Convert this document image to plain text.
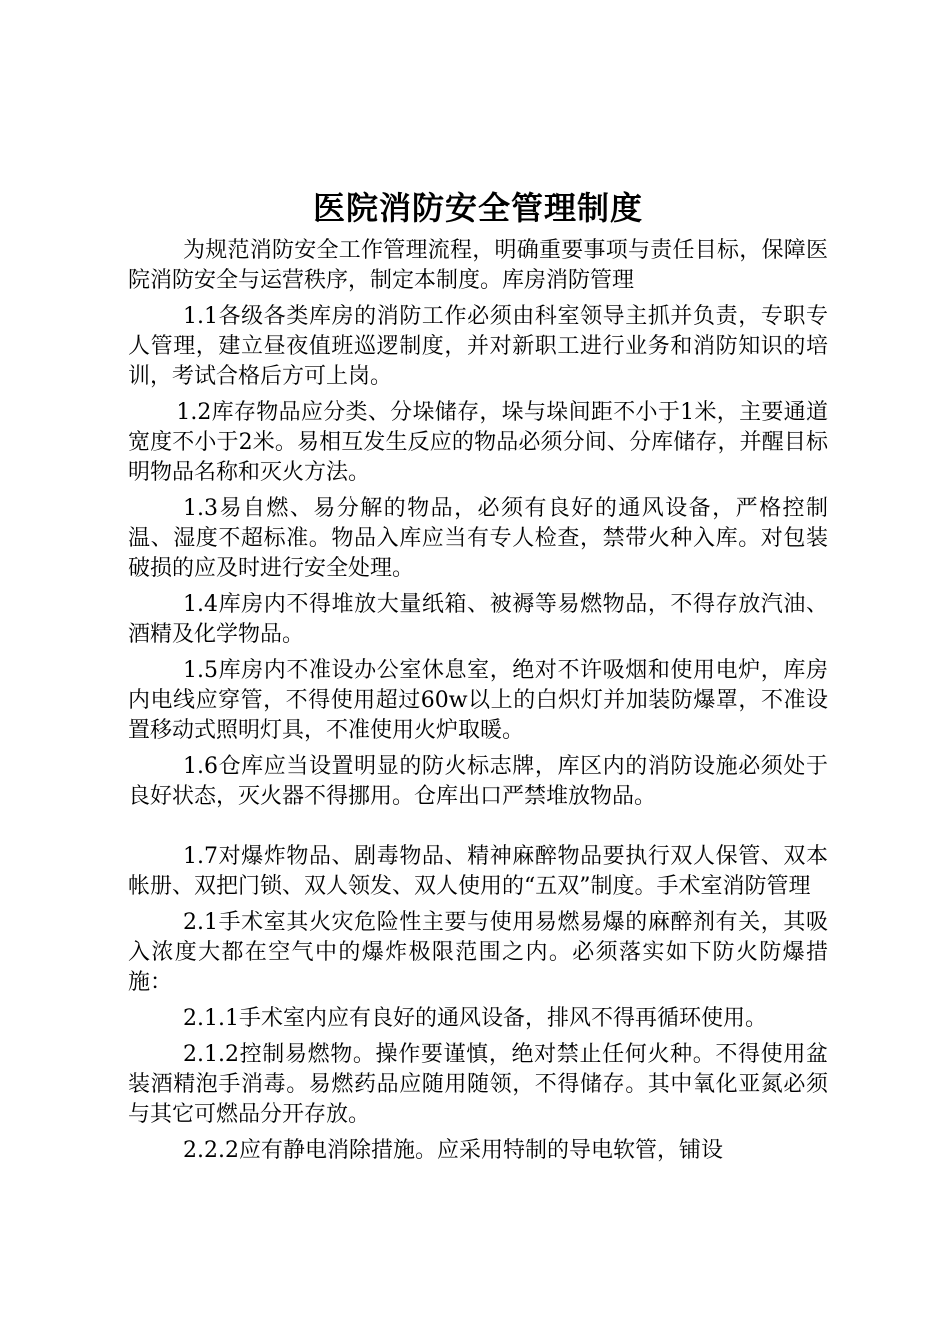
医院消防安全管理制度

为规范消防安全工作管理流程，明确重要事项与责任目标，保障医院消防安全与运营秩序，制定本制度。库房消防管理

1.1各级各类库房的消防工作必须由科室领导主抓并负责，专职专人管理，建立昼夜值班巡逻制度，并对新职工进行业务和消防知识的培训，考试合格后方可上岗。

1.2库存物品应分类、分垛储存，垛与垛间距不小于1米，主要通道宽度不小于2米。易相互发生反应的物品必须分间、分库储存，并醒目标明物品名称和灭火方法。

1.3易自燃、易分解的物品，必须有良好的通风设备，严格控制温、湿度不超标准。物品入库应当有专人检查，禁带火种入库。对包装破损的应及时进行安全处理。

1.4库房内不得堆放大量纸箱、被褥等易燃物品，不得存放汽油、酒精及化学物品。

1.5库房内不准设办公室休息室，绝对不许吸烟和使用电炉，库房内电线应穿管，不得使用超过60w以上的白炽灯并加装防爆罩，不准设置移动式照明灯具，不准使用火炉取暖。

1.6仓库应当设置明显的防火标志牌，库区内的消防设施必须处于良好状态，灭火器不得挪用。仓库出口严禁堆放物品。

1.7对爆炸物品、剧毒物品、精神麻醉物品要执行双人保管、双本帐册、双把门锁、双人领发、双人使用的“五双”制度。手术室消防管理

2.1手术室其火灾危险性主要与使用易燃易爆的麻醉剂有关，其吸入浓度大都在空气中的爆炸极限范围之内。必须落实如下防火防爆措施：

2.1.1手术室内应有良好的通风设备，排风不得再循环使用。

2.1.2控制易燃物。操作要谨慎，绝对禁止任何火种。不得使用盆装酒精泡手消毒。易燃药品应随用随领，不得储存。其中氧化亚氮必须与其它可燃品分开存放。

2.2.2应有静电消除措施。应采用特制的导电软管，铺设
